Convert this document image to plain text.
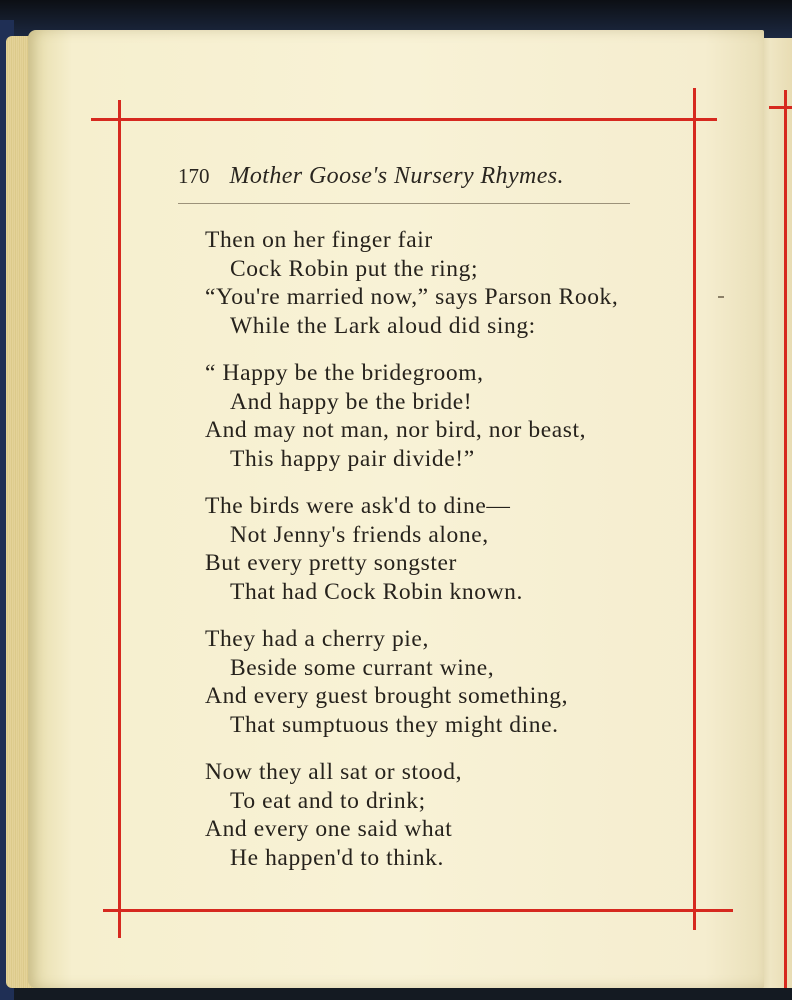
170 Mother Goose's Nursery Rhymes.
Then on her finger fair
Cock Robin put the ring;
“You're married now,” says Parson Rook,
While the Lark aloud did sing:
“ Happy be the bridegroom,
And happy be the bride!
And may not man, nor bird, nor beast,
This happy pair divide!”
The birds were ask'd to dine—
Not Jenny's friends alone,
But every pretty songster
That had Cock Robin known.
They had a cherry pie,
Beside some currant wine,
And every guest brought something,
That sumptuous they might dine.
Now they all sat or stood,
To eat and to drink;
And every one said what
He happen'd to think.
